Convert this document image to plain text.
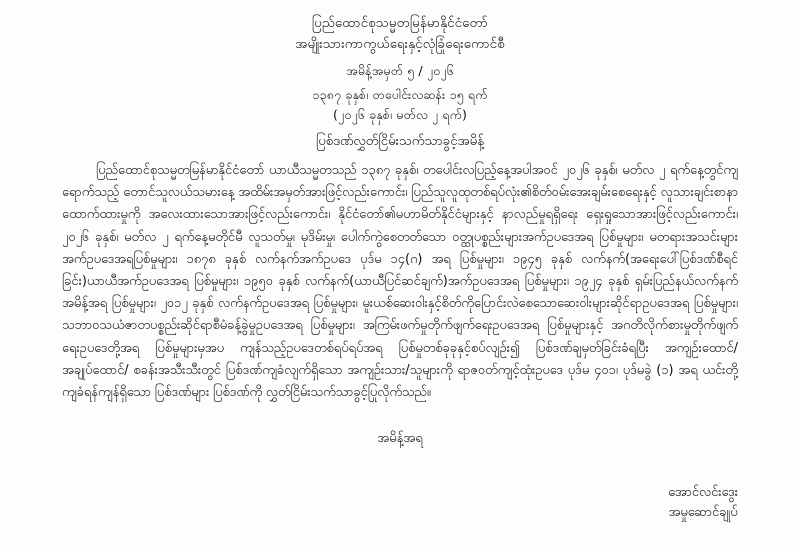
ပြည်ထောင်စုသမ္မတမြန်မာနိုင်ငံတော်
အမျိုးသားကာကွယ်ရေးနှင့်လုံခြုံရေးကောင်စီ
အမိန့်အမှတ် ၅ / ၂၀၂၆
၁၃၈၇ ခုနှစ်၊ တပေါင်းလဆန်း ၁၅ ရက်
(၂၀၂၆ ခုနှစ်၊ မတ်လ ၂ ရက်)
ပြစ်ဒဏ်လွှတ်ငြိမ်းသက်သာခွင့်အမိန့်

ပြည်ထောင်စုသမ္မတမြန်မာနိုင်ငံတော် ယာယီသမ္မတသည် ၁၃၈၇ ခုနှစ်၊ တပေါင်းလပြည့်နေ့အပါအဝင် ၂၀၂၆ ခုနှစ်၊ မတ်လ ၂ ရက်နေ့တွင်ကျရောက်သည့် တောင်သူလယ်သမားနေ့ အထိမ်းအမှတ်အားဖြင့်လည်းကောင်း၊ ပြည်သူလူထုတစ်ရပ်လုံး၏စိတ်ဝမ်းအေးချမ်းစေရေးနှင့် လူသားချင်းစာနာထောက်ထားမှုကို အလေးထားသောအားဖြင့်လည်းကောင်း၊ နိုင်ငံတော်၏မဟာမိတ်နိုင်ငံများနှင့် နာလည်မှုရရှိရေး ရှေးရှုသောအားဖြင့်လည်းကောင်း၊ ၂၀၂၆ ခုနှစ်၊ မတ်လ ၂ ရက်နေ့မတိုင်မီ လူသတ်မှု၊ မုဒိမ်းမှု၊ ပေါက်ကွဲစေတတ်သော ဝတ္ထုပစ္စည်းများအက်ဥပဒေအရ ပြစ်မှုများ၊ မတရားအသင်းများအက်ဥပဒေအရပြစ်မှုများ၊ ၁၈၇၈ ခုနှစ် လက်နက်အက်ဥပဒေ ပုဒ်မ ၁၄(ဂ) အရ ပြစ်မှုများ၊ ၁၉၄၅ ခုနှစ် လက်နက်(အရေးပေါ်ပြစ်ဒဏ်စီရင်ခြင်း)ယာယီအက်ဥပဒေအရ ပြစ်မှုများ၊ ၁၉၅၀ ခုနှစ် လက်နက်(ယာယီပြင်ဆင်ချက်)အက်ဥပဒေအရ ပြစ်မှုများ၊ ၁၉၂၄ ခုနှစ် ရှမ်းပြည်နယ်လက်နက်အမိန့်အရ ပြစ်မှုများ၊ ၂၀၁၂ ခုနှစ် လက်နက်ဥပဒေအရ ပြစ်မှုများ၊ မူးယစ်ဆေးဝါးနှင့်စိတ်ကိုပြောင်းလဲစေသောဆေးဝါးများဆိုင်ရာဥပဒေအရ ပြစ်မှုများ၊ သဘာဝသယံဇာတပစ္စည်းဆိုင်ရာစီမံခန့်ခွဲမှုဥပဒေအရ ပြစ်မှုများ၊ အကြမ်းဖက်မှုတိုက်ဖျက်ရေးဥပဒေအရ ပြစ်မှုများနှင့် အဂတိလိုက်စားမှုတိုက်ဖျက်ရေးဥပဒေတို့အရ ပြစ်မှုများမှအပ ကျန်သည့်ဥပဒေတစ်ရပ်ရပ်အရ ပြစ်မှုတစ်ခုခုနှင့်စပ်လျဉ်း၍ ပြစ်ဒဏ်ချမှတ်ခြင်းခံရပြီး အကျဉ်းထောင်/အချုပ်ထောင်/ စခန်းအသီးသီးတွင် ပြစ်ဒဏ်ကျခံလျက်ရှိသော အကျဉ်းသား/သူများကို ရာဇဝတ်ကျင့်ထုံးဥပဒေ ပုဒ်မ ၄၀၁၊ ပုဒ်မခွဲ (၁) အရ ယင်းတို့ ကျခံရန်ကျန်ရှိသော ပြစ်ဒဏ်များ ပြစ်ဒဏ်ကို လွှတ်ငြိမ်းသက်သာခွင့်ပြုလိုက်သည်။

အမိန့်အရ
အောင်လင်းဒွေး
အမှုဆောင်ချုပ်
